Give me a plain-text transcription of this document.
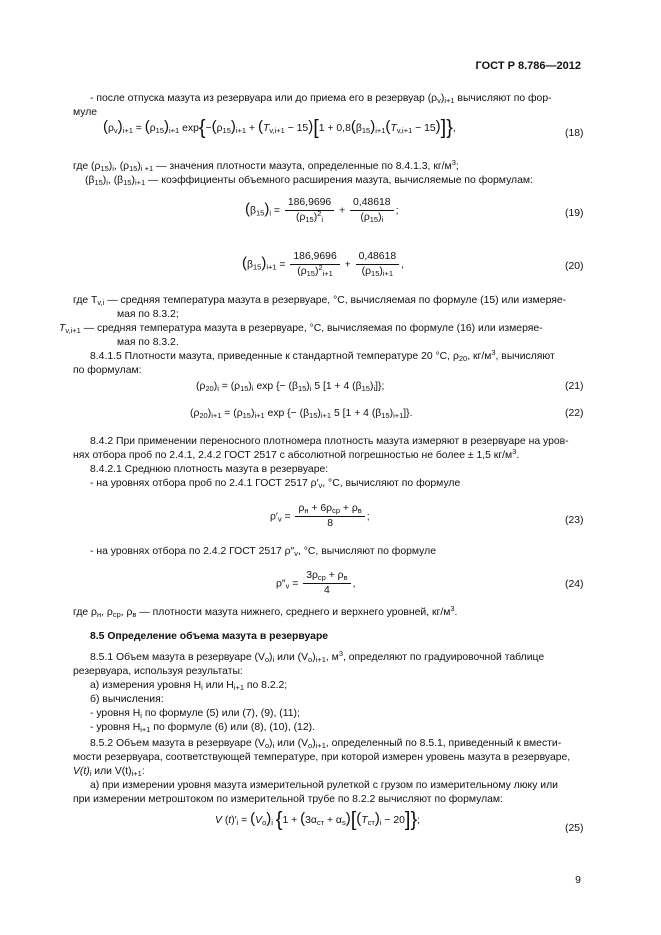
ГОСТ Р 8.786—2012
- после отпуска мазута из резервуара или до приема его в резервуар $(\rho_v)_{i+1}$ вычисляют по фор-
муле
$(\rho_v)_{i+1} = (\rho_{15})_{i+1}$ $\exp\{-(\rho_{15})_{i+1} + (T_{v,i+1} - 15)[1 + 0,8(\beta_{15})_{i+1}(T_{v,i+1} - 15)]\}$,	(18)
где $(\rho_{15})_i$, $(\rho_{15})_{i +1}$ — значения плотности мазута, определенные по 8.4.1.3, $кг/м^3$;
$(\beta_{15})_i$, $(\beta_{15})_{i+1}$ — коэффициенты объемного расширения мазута, вычисляемые по формулам:
$(\beta_{15})_i = \frac{186,9696}{(\rho_{15})^2_i} + \frac{0,48618}{(\rho_{15})_i}$ ;	(19)
$(\beta_{15})_{i+1} = \frac{186,9696}{(\rho_{15})^2_{i+1}} + \frac{0,48618}{(\rho_{15})_{i+1}}$ ,	(20)
где $T_{v,i}$ — средняя температура мазута в резервуаре, °С, вычисляемая по формуле (15) или измеряе-
мая по 8.3.2;
$T_{v,i+1}$ — средняя температура мазута в резервуаре, °С, вычисляемая по формуле (16) или измеряе-
мая по 8.3.2.
8.4.1.5 Плотности мазута, приведенные к стандартной температуре 20 °С, $\rho_{20}$, $кг/м^3$, вычисляют
по формулам:
$(\rho_{20})_i = (\rho_{15})_i$ exp {− $(\beta_{15})_i$ 5 [1 + 4 $(\beta_{15})_i$]};	(21)
$(\rho_{20})_{i+1} = (\rho_{15})_{i+1}$ exp {− $(\beta_{15})_{i+1}$ 5 [1 + 4 $(\beta_{15})_{i+1}$]}.	(22)
8.4.2 При применении переносного плотномера плотность мазута измеряют в резервуаре на уров-
нях отбора проб по 2.4.1, 2.4.2 ГОСТ 2517 с абсолютной погрешностью не более ± 1,5 $кг/м^3$.
8.4.2.1 Среднюю плотность мазута в резервуаре:
- на уровнях отбора проб по 2.4.1 ГОСТ 2517 $\rho'_v$, °С, вычисляют по формуле
$\rho'_v = \frac{\rho_н + 6\rho_{ср} + \rho_в}{8}$ ;	(23)
- на уровнях отбора по 2.4.2 ГОСТ 2517 $\rho''_v$, °С, вычисляют по формуле
$\rho''_v = \frac{3\rho_{ср} + \rho_в}{4}$ ,	(24)
где $\rho_н$, $\rho_{ср}$, $\rho_в$ — плотности мазута нижнего, среднего и верхнего уровней, $кг/м^3$.
8.5 Определение объема мазута в резервуаре
8.5.1 Объем мазута в резервуаре $(V_о)_i$ или $(V_о)_{i+1}$, $м^3$, определяют по градуировочной таблице
резервуара, используя результаты:
а) измерения уровня $H_i$ или $H_{i+1}$ по 8.2.2;
б) вычисления:
- уровня $H_i$ по формуле (5) или (7), (9), (11);
- уровня $H_{i+1}$ по формуле (6) или (8), (10), (12).
8.5.2 Объем мазута в резервуаре $(V_о)_i$ или $(V_о)_{i+1}$, определенный по 8.5.1, приведенный к вмести-
мости резервуара, соответствующей температуре, при которой измерен уровень мазута в резервуаре,
$V(t)_i$ или $V(t)_{i+1}$:
а) при измерении уровня мазута измерительной рулеткой с грузом по измерительному люку или
при измерении метроштоком по измерительной трубе по 8.2.2 вычисляют по формулам:
V $(t)'_i = (V_о)_i$ $\{1 + (3\alpha_{ст} + \alpha_s)[(T_{ст})_i - 20]\}$;
(25)
9
